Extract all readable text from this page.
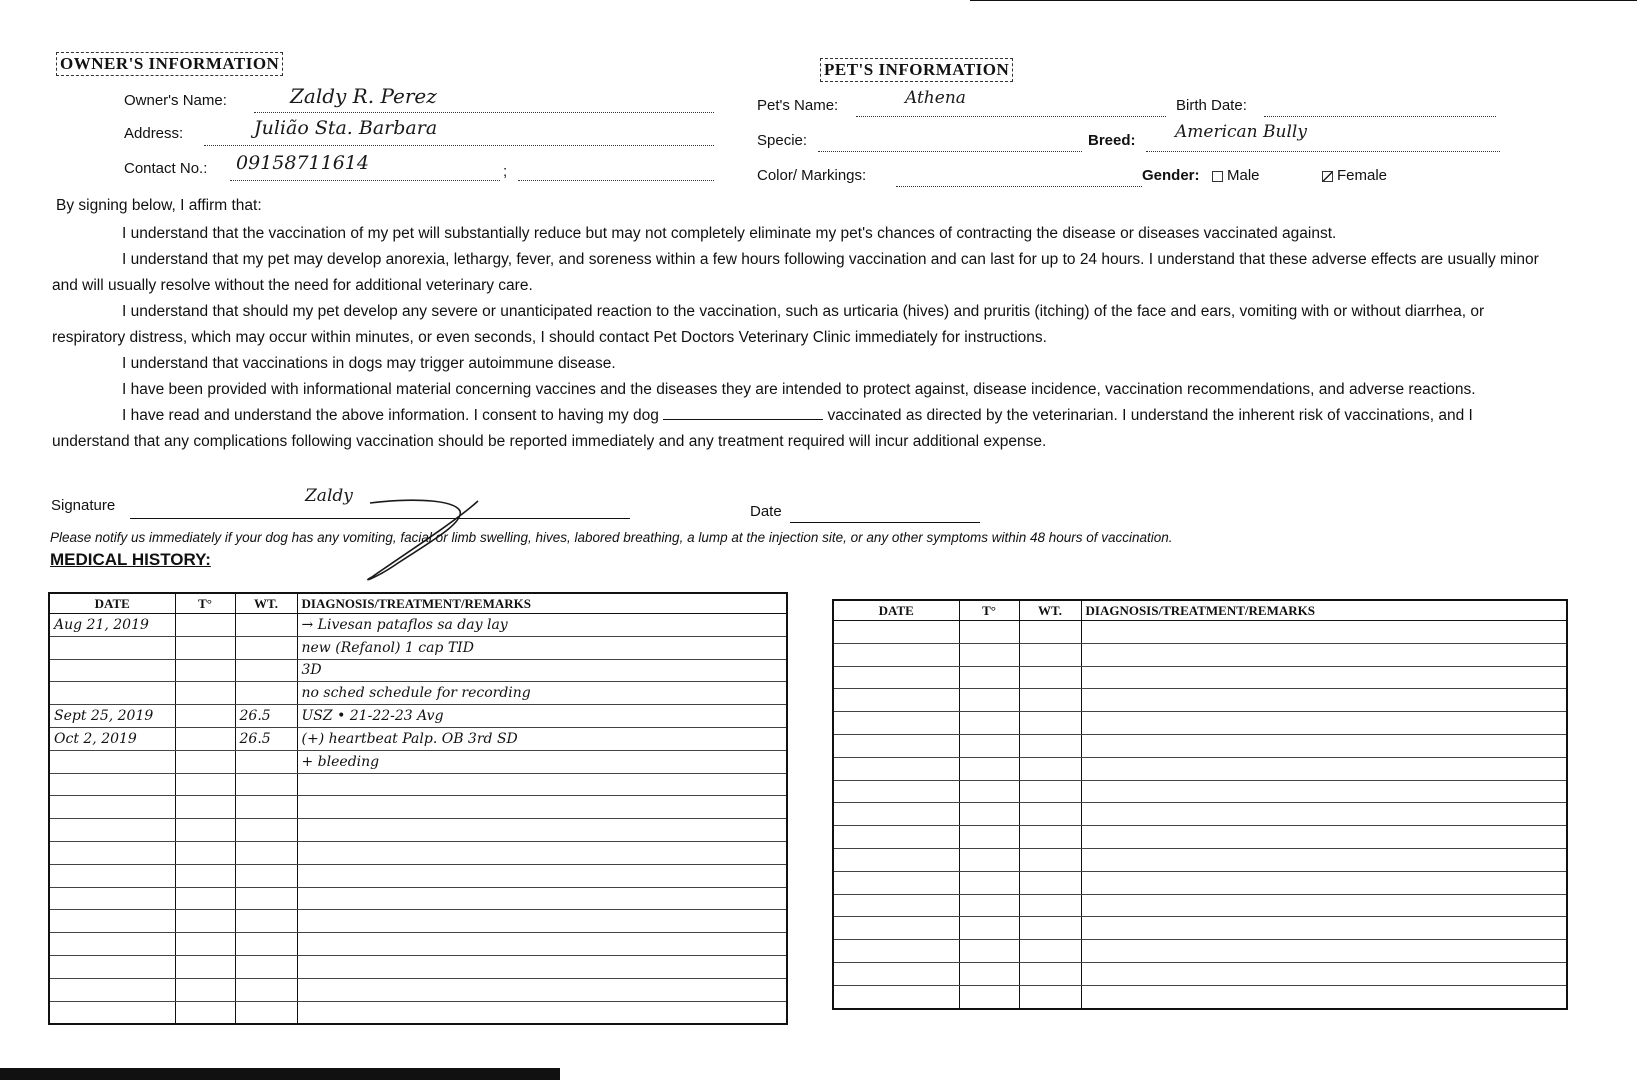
OWNER'S INFORMATION
Owner's Name:	Zaldy R. Perez
Address:	Julião Sta. Barbara
Contact No.: 09158711614	;
PET'S INFORMATION
Pet's Name:	Athena	Birth Date:
Specie:	Breed: American Bully
Color/ Markings:	Gender:	Male	Female
By signing below, I affirm that:

I understand that the vaccination of my pet will substantially reduce but may not completely eliminate my pet's chances of contracting the disease or diseases vaccinated against.

I understand that my pet may develop anorexia, lethargy, fever, and soreness within a few hours following vaccination and can last for up to 24 hours. I understand that these adverse effects are usually minor and will usually resolve without the need for additional veterinary care.

I understand that should my pet develop any severe or unanticipated reaction to the vaccination, such as urticaria (hives) and pruritis (itching) of the face and ears, vomiting with or without diarrhea, or respiratory distress, which may occur within minutes, or even seconds, I should contact Pet Doctors Veterinary Clinic immediately for instructions.

I understand that vaccinations in dogs may trigger autoimmune disease.

I have been provided with informational material concerning vaccines and the diseases they are intended to protect against, disease incidence, vaccination recommendations, and adverse reactions.

I have read and understand the above information. I consent to having my dog	vaccinated as directed by the veterinarian. I understand the inherent risk of vaccinations, and I understand that any complications following vaccination should be reported immediately and any treatment required will incur additional expense.

Signature	Zaldy
Date
Please notify us immediately if your dog has any vomiting, facial or limb swelling, hives, labored breathing, a lump at the injection site, or any other symptoms within 48 hours of vaccination.
MEDICAL HISTORY:
DATE	T°	WT.	DIAGNOSIS/TREATMENT/REMARKS
Aug 21, 2019			→ Livesan pataflos sa day lay
			new (Refanol) 1 cap TID
			3D
			no sched schedule for recording
Sept 25, 2019		26.5	USZ • 21-22-23 Avg
Oct 2, 2019		26.5	(+) heartbeat Palp. OB 3rd SD
			+ bleeding

DATE	T°	WT.	DIAGNOSIS/TREATMENT/REMARKS
